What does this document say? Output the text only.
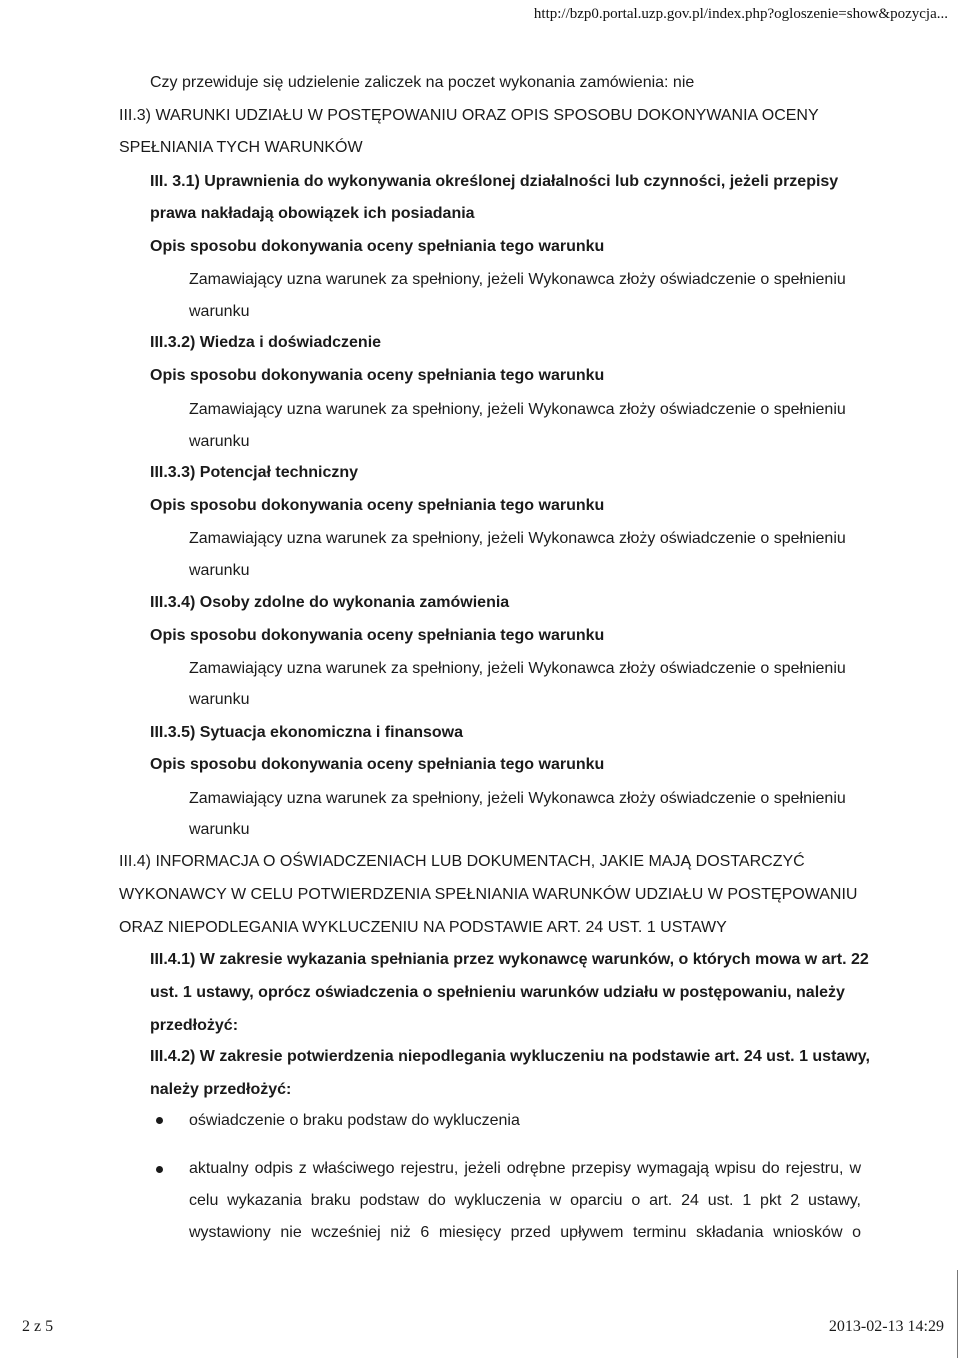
http://bzp0.portal.uzp.gov.pl/index.php?ogloszenie=show&pozycja...
Czy przewiduje się udzielenie zaliczek na poczet wykonania zamówienia: nie
III.3) WARUNKI UDZIAŁU W POSTĘPOWANIU ORAZ OPIS SPOSOBU DOKONYWANIA OCENY
SPEŁNIANIA TYCH WARUNKÓW
III. 3.1) Uprawnienia do wykonywania określonej działalności lub czynności, jeżeli przepisy
prawa nakładają obowiązek ich posiadania
Opis sposobu dokonywania oceny spełniania tego warunku
Zamawiający uzna warunek za spełniony, jeżeli Wykonawca złoży oświadczenie o spełnieniu
warunku
III.3.2) Wiedza i doświadczenie
Opis sposobu dokonywania oceny spełniania tego warunku
Zamawiający uzna warunek za spełniony, jeżeli Wykonawca złoży oświadczenie o spełnieniu
warunku
III.3.3) Potencjał techniczny
Opis sposobu dokonywania oceny spełniania tego warunku
Zamawiający uzna warunek za spełniony, jeżeli Wykonawca złoży oświadczenie o spełnieniu
warunku
III.3.4) Osoby zdolne do wykonania zamówienia
Opis sposobu dokonywania oceny spełniania tego warunku
Zamawiający uzna warunek za spełniony, jeżeli Wykonawca złoży oświadczenie o spełnieniu
warunku
III.3.5) Sytuacja ekonomiczna i finansowa
Opis sposobu dokonywania oceny spełniania tego warunku
Zamawiający uzna warunek za spełniony, jeżeli Wykonawca złoży oświadczenie o spełnieniu
warunku
III.4) INFORMACJA O OŚWIADCZENIACH LUB DOKUMENTACH, JAKIE MAJĄ DOSTARCZYĆ
WYKONAWCY W CELU POTWIERDZENIA SPEŁNIANIA WARUNKÓW UDZIAŁU W POSTĘPOWANIU
ORAZ NIEPODLEGANIA WYKLUCZENIU NA PODSTAWIE ART. 24 UST. 1 USTAWY
III.4.1) W zakresie wykazania spełniania przez wykonawcę warunków, o których mowa w art. 22
ust. 1 ustawy, oprócz oświadczenia o spełnieniu warunków udziału w postępowaniu, należy
przedłożyć:
III.4.2) W zakresie potwierdzenia niepodlegania wykluczeniu na podstawie art. 24 ust. 1 ustawy,
należy przedłożyć:
oświadczenie o braku podstaw do wykluczenia
aktualny odpis z właściwego rejestru, jeżeli odrębne przepisy wymagają wpisu do rejestru, w
celu wykazania braku podstaw do wykluczenia w oparciu o art. 24 ust. 1 pkt 2 ustawy,
wystawiony nie wcześniej niż 6 miesięcy przed upływem terminu składania wniosków o
2 z 5	2013-02-13 14:29
